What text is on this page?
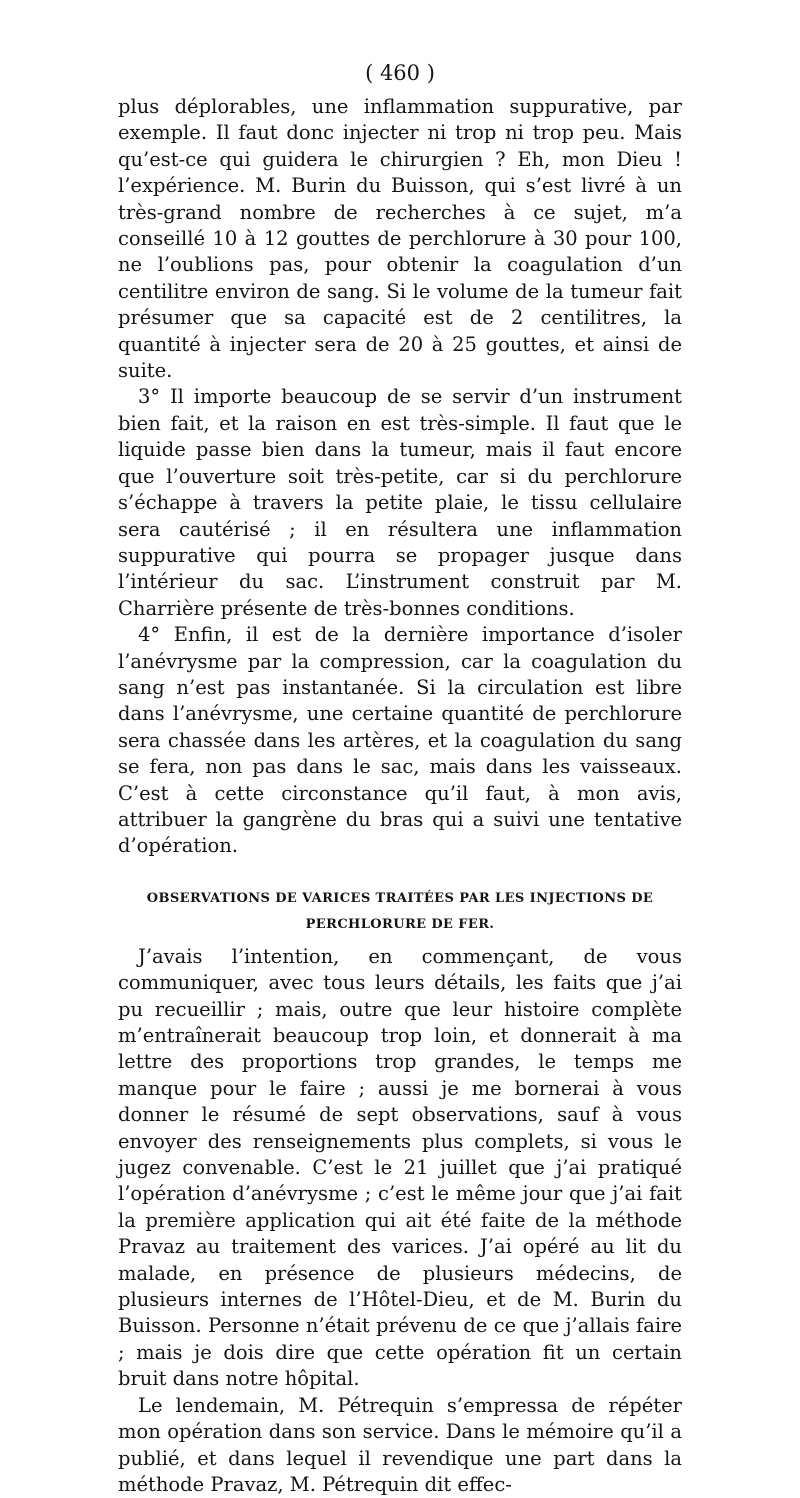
( 460 )

plus déplorables, une inflammation suppurative, par exemple. Il faut donc injecter ni trop ni trop peu. Mais qu’est-ce qui guidera le chirurgien ? Eh, mon Dieu ! l’expérience. M. Burin du Buisson, qui s’est livré à un très-grand nombre de recherches à ce sujet, m’a conseillé 10 à 12 gouttes de perchlorure à 30 pour 100, ne l’oublions pas, pour obtenir la coagulation d’un centilitre environ de sang. Si le volume de la tumeur fait présumer que sa capacité est de 2 centilitres, la quantité à injecter sera de 20 à 25 gouttes, et ainsi de suite.

3° Il importe beaucoup de se servir d’un instrument bien fait, et la raison en est très-simple. Il faut que le liquide passe bien dans la tumeur, mais il faut encore que l’ouverture soit très-petite, car si du perchlorure s’échappe à travers la petite plaie, le tissu cellulaire sera cautérisé ; il en résultera une inflammation suppurative qui pourra se propager jusque dans l’intérieur du sac. L’instrument construit par M. Charrière présente de très-bonnes conditions.

4° Enfin, il est de la dernière importance d’isoler l’anévrysme par la compression, car la coagulation du sang n’est pas instantanée. Si la circulation est libre dans l’anévrysme, une certaine quantité de perchlorure sera chassée dans les artères, et la coagulation du sang se fera, non pas dans le sac, mais dans les vaisseaux. C’est à cette circonstance qu’il faut, à mon avis, attribuer la gangrène du bras qui a suivi une tentative d’opération.

OBSERVATIONS DE VARICES TRAITÉES PAR LES INJECTIONS DE PERCHLORURE DE FER.

J’avais l’intention, en commençant, de vous communiquer, avec tous leurs détails, les faits que j’ai pu recueillir ; mais, outre que leur histoire complète m’entraînerait beaucoup trop loin, et donnerait à ma lettre des proportions trop grandes, le temps me manque pour le faire ; aussi je me bornerai à vous donner le résumé de sept observations, sauf à vous envoyer des renseignements plus complets, si vous le jugez convenable. C’est le 21 juillet que j’ai pratiqué l’opération d’anévrysme ; c’est le même jour que j’ai fait la première application qui ait été faite de la méthode Pravaz au traitement des varices. J’ai opéré au lit du malade, en présence de plusieurs médecins, de plusieurs internes de l’Hôtel-Dieu, et de M. Burin du Buisson. Personne n’était prévenu de ce que j’allais faire ; mais je dois dire que cette opération fit un certain bruit dans notre hôpital.

Le lendemain, M. Pétrequin s’empressa de répéter mon opération dans son service. Dans le mémoire qu’il a publié, et dans lequel il revendique une part dans la méthode Pravaz, M. Pétrequin dit effec-
